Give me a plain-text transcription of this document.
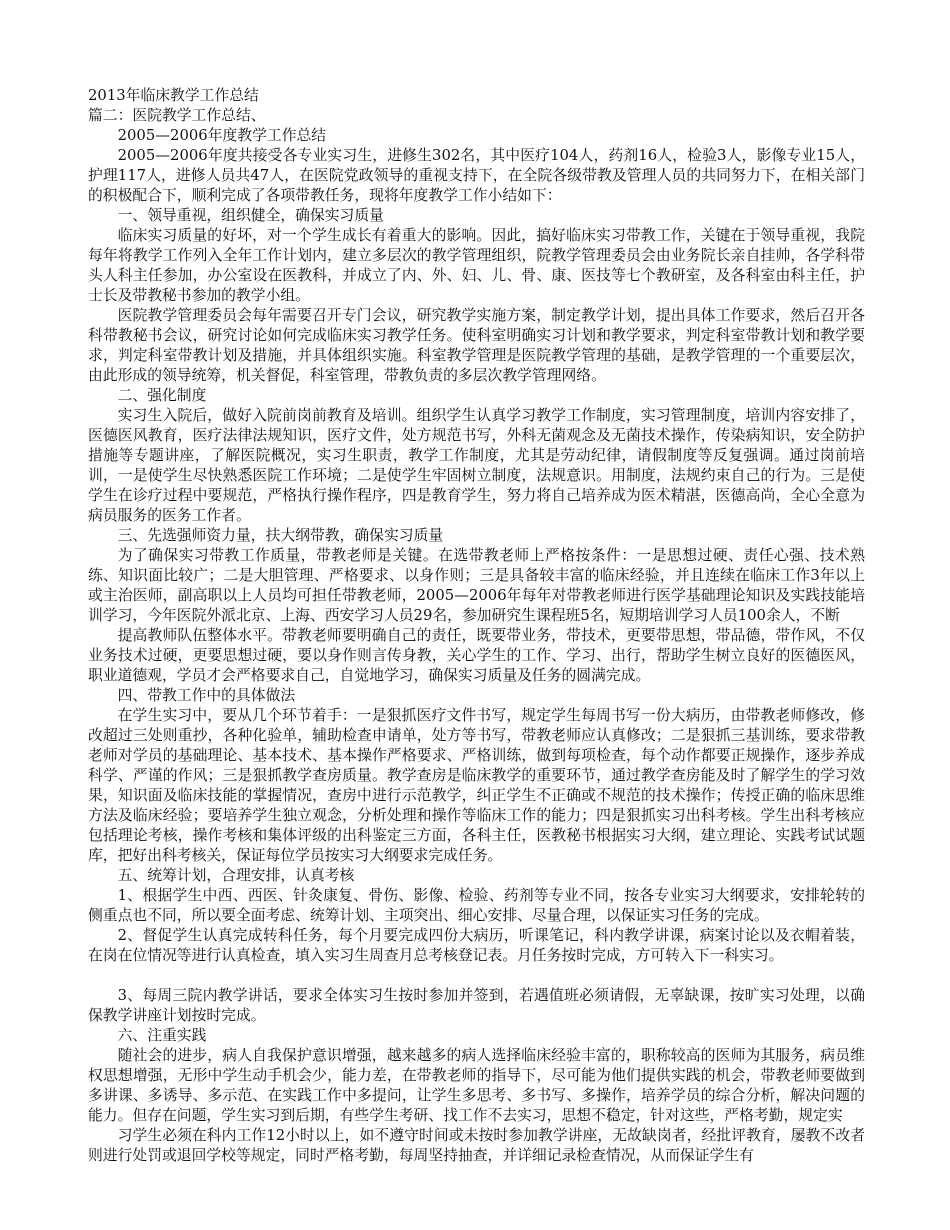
2013年临床教学工作总结
篇二：医院教学工作总结、
2005—2006年度教学工作总结

2005—2006年度共接受各专业实习生，进修生302名，其中医疗104人，药剂16人，检验3人，影像专业15人，护理117人，进修人员共47人，在医院党政领导的重视支持下，在全院各级带教及管理人员的共同努力下，在相关部门的积极配合下，顺利完成了各项带教任务，现将年度教学工作小结如下：

一、领导重视，组织健全，确保实习质量

临床实习质量的好坏，对一个学生成长有着重大的影响。因此，搞好临床实习带教工作，关键在于领导重视，我院每年将教学工作列入全年工作计划内，建立多层次的教学管理组织，院教学管理委员会由业务院长亲自挂帅，各学科带头人科主任参加，办公室设在医教科，并成立了内、外、妇、儿、骨、康、医技等七个教研室，及各科室由科主任，护士长及带教秘书参加的教学小组。

医院教学管理委员会每年需要召开专门会议，研究教学实施方案，制定教学计划，提出具体工作要求，然后召开各科带教秘书会议，研究讨论如何完成临床实习教学任务。使科室明确实习计划和教学要求，判定科室带教计划和教学要求，判定科室带教计划及措施，并具体组织实施。科室教学管理是医院教学管理的基础，是教学管理的一个重要层次，由此形成的领导统筹，机关督促，科室管理，带教负责的多层次教学管理网络。

二、强化制度

实习生入院后，做好入院前岗前教育及培训。组织学生认真学习教学工作制度，实习管理制度，培训内容安排了，医德医风教育，医疗法律法规知识，医疗文件，处方规范书写，外科无菌观念及无菌技术操作，传染病知识，安全防护措施等专题讲座，了解医院概况，实习生职责，教学工作制度，尤其是劳动纪律，请假制度等反复强调。通过岗前培训，一是使学生尽快熟悉医院工作环境；二是使学生牢固树立制度，法规意识。用制度，法规约束自己的行为。三是使学生在诊疗过程中要规范，严格执行操作程序，四是教育学生，努力将自己培养成为医术精湛，医德高尚，全心全意为病员服务的医务工作者。

三、先选强师资力量，扶大纲带教，确保实习质量

为了确保实习带教工作质量，带教老师是关键。在选带教老师上严格按条件：一是思想过硬、责任心强、技术熟练、知识面比较广；二是大胆管理、严格要求、以身作则；三是具备较丰富的临床经验，并且连续在临床工作3年以上或主治医师，副高职以上人员均可担任带教老师，2005—2006年每年对带教老师进行医学基础理论知识及实践技能培训学习，今年医院外派北京、上海、西安学习人员29名，参加研究生课程班5名，短期培训学习人员100余人，不断

提高教师队伍整体水平。带教老师要明确自己的责任，既要带业务，带技术，更要带思想，带品德，带作风，不仅业务技术过硬，更要思想过硬，要以身作则言传身教，关心学生的工作、学习、出行，帮助学生树立良好的医德医风，职业道德观，学员才会严格要求自己，自觉地学习，确保实习质量及任务的圆满完成。

四、带教工作中的具体做法

在学生实习中，要从几个环节着手：一是狠抓医疗文件书写，规定学生每周书写一份大病历，由带教老师修改，修改超过三处则重抄，各种化验单，辅助检查申请单，处方等书写，带教老师应认真修改；二是狠抓三基训练，要求带教老师对学员的基础理论、基本技术、基本操作严格要求、严格训练，做到每项检查，每个动作都要正规操作，逐步养成科学、严谨的作风；三是狠抓教学查房质量。教学查房是临床教学的重要环节，通过教学查房能及时了解学生的学习效果，知识面及临床技能的掌握情况，查房中进行示范教学，纠正学生不正确或不规范的技术操作；传授正确的临床思维方法及临床经验；要培养学生独立观念，分析处理和操作等临床工作的能力；四是狠抓实习出科考核。学生出科考核应包括理论考核，操作考核和集体评级的出科鉴定三方面，各科主任，医教秘书根据实习大纲，建立理论、实践考试试题库，把好出科考核关，保证每位学员按实习大纲要求完成任务。

五、统筹计划，合理安排，认真考核

1、根据学生中西、西医、针灸康复、骨伤、影像、检验、药剂等专业不同，按各专业实习大纲要求，安排轮转的侧重点也不同，所以要全面考虑、统筹计划、主项突出、细心安排、尽量合理，以保证实习任务的完成。

2、督促学生认真完成转科任务，每个月要完成四份大病历，听课笔记，科内教学讲课，病案讨论以及衣帽着装，在岗在位情况等进行认真检查，填入实习生周查月总考核登记表。月任务按时完成，方可转入下一科实习。

3、每周三院内教学讲话，要求全体实习生按时参加并签到，若遇值班必须请假，无辜缺课，按旷实习处理，以确保教学讲座计划按时完成。

六、注重实践

随社会的进步，病人自我保护意识增强，越来越多的病人选择临床经验丰富的，职称较高的医师为其服务，病员维权思想增强，无形中学生动手机会少，能力差，在带教老师的指导下，尽可能为他们提供实践的机会，带教老师要做到多讲课、多诱导、多示范、在实践工作中多提问，让学生多思考、多书写、多操作，培养学员的综合分析，解决问题的能力。但存在问题，学生实习到后期，有些学生考研、找工作不去实习，思想不稳定，针对这些，严格考勤，规定实

习学生必须在科内工作12小时以上，如不遵守时间或未按时参加教学讲座，无故缺岗者，经批评教育，屡教不改者则进行处罚或退回学校等规定，同时严格考勤，每周坚持抽查，并详细记录检查情况，从而保证学生有
